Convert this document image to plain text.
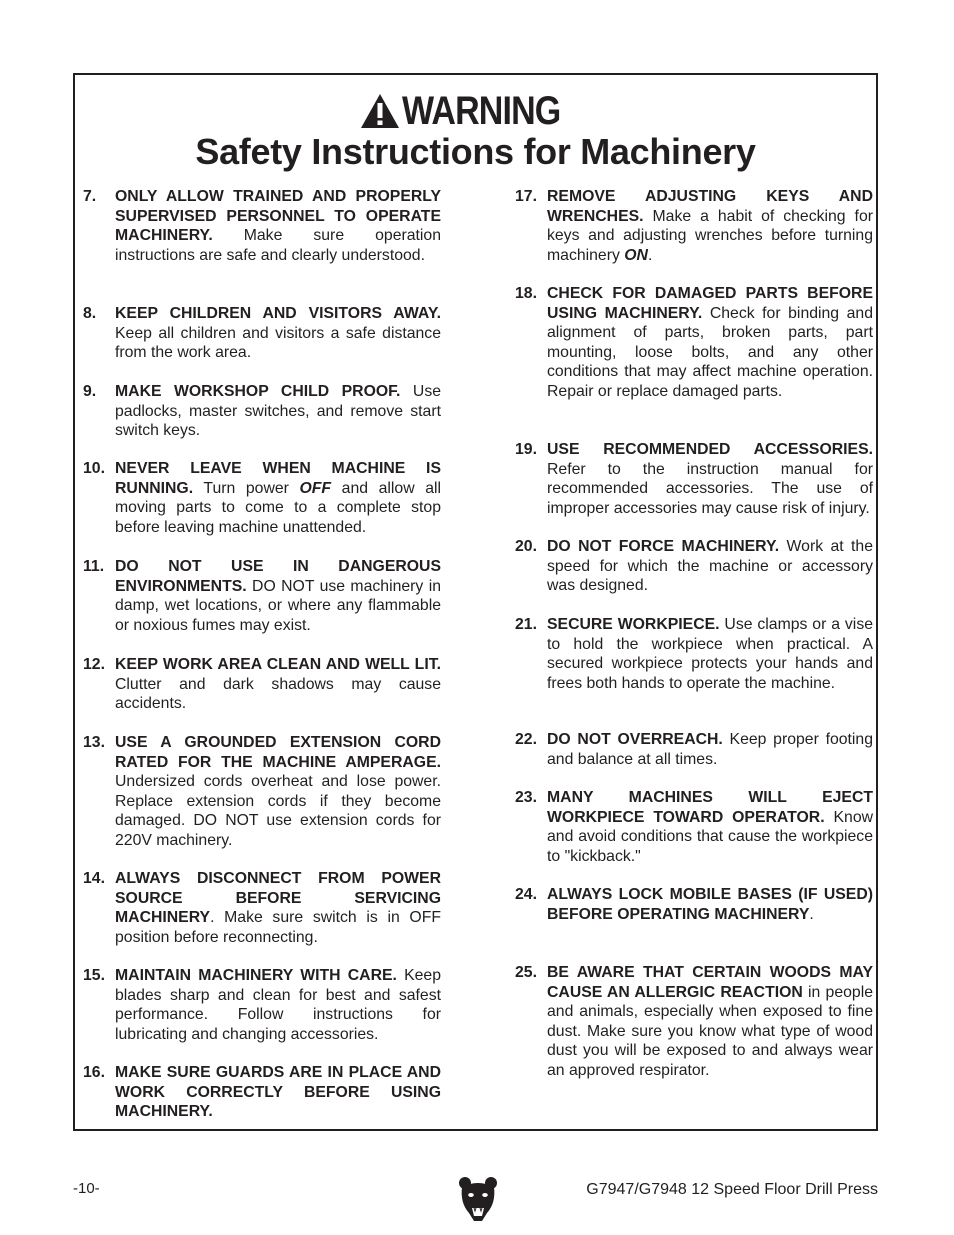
WARNING
Safety Instructions for Machinery
7.	ONLY ALLOW TRAINED AND PROPERLY SUPERVISED PERSONNEL TO OPERATE MACHINERY. Make sure operation instructions are safe and clearly understood.
8.	KEEP CHILDREN AND VISITORS AWAY. Keep all children and visitors a safe distance from the work area.
9.	MAKE WORKSHOP CHILD PROOF. Use padlocks, master switches, and remove start switch keys.
10. NEVER LEAVE WHEN MACHINE IS RUNNING. Turn power OFF and allow all moving parts to come to a complete stop before leaving machine unattended.
11. DO NOT USE IN DANGEROUS ENVIRONMENTS. DO NOT use machinery in damp, wet locations, or where any flammable or noxious fumes may exist.
12. KEEP WORK AREA CLEAN AND WELL LIT. Clutter and dark shadows may cause accidents.
13. USE A GROUNDED EXTENSION CORD RATED FOR THE MACHINE AMPERAGE. Undersized cords overheat and lose power. Replace extension cords if they become damaged. DO NOT use extension cords for 220V machinery.
14. ALWAYS DISCONNECT FROM POWER SOURCE BEFORE SERVICING MACHINERY. Make sure switch is in OFF position before reconnecting.
15. MAINTAIN MACHINERY WITH CARE. Keep blades sharp and clean for best and safest performance. Follow instructions for lubricating and changing accessories.
16. MAKE SURE GUARDS ARE IN PLACE AND WORK CORRECTLY BEFORE USING MACHINERY.
17. REMOVE ADJUSTING KEYS AND WRENCHES. Make a habit of checking for keys and adjusting wrenches before turning machinery ON.
18. CHECK FOR DAMAGED PARTS BEFORE USING MACHINERY. Check for binding and alignment of parts, broken parts, part mounting, loose bolts, and any other conditions that may affect machine operation. Repair or replace damaged parts.
19. USE RECOMMENDED ACCESSORIES. Refer to the instruction manual for recommended accessories. The use of improper accessories may cause risk of injury.
20. DO NOT FORCE MACHINERY. Work at the speed for which the machine or accessory was designed.
21. SECURE WORKPIECE. Use clamps or a vise to hold the workpiece when practical. A secured workpiece protects your hands and frees both hands to operate the machine.
22. DO NOT OVERREACH. Keep proper footing and balance at all times.
23. MANY MACHINES WILL EJECT WORKPIECE TOWARD OPERATOR. Know and avoid conditions that cause the workpiece to "kickback."
24. ALWAYS LOCK MOBILE BASES (IF USED) BEFORE OPERATING MACHINERY.
25. BE AWARE THAT CERTAIN WOODS MAY CAUSE AN ALLERGIC REACTION in people and animals, especially when exposed to fine dust. Make sure you know what type of wood dust you will be exposed to and always wear an approved respirator.
-10-	G7947/G7948 12 Speed Floor Drill Press
